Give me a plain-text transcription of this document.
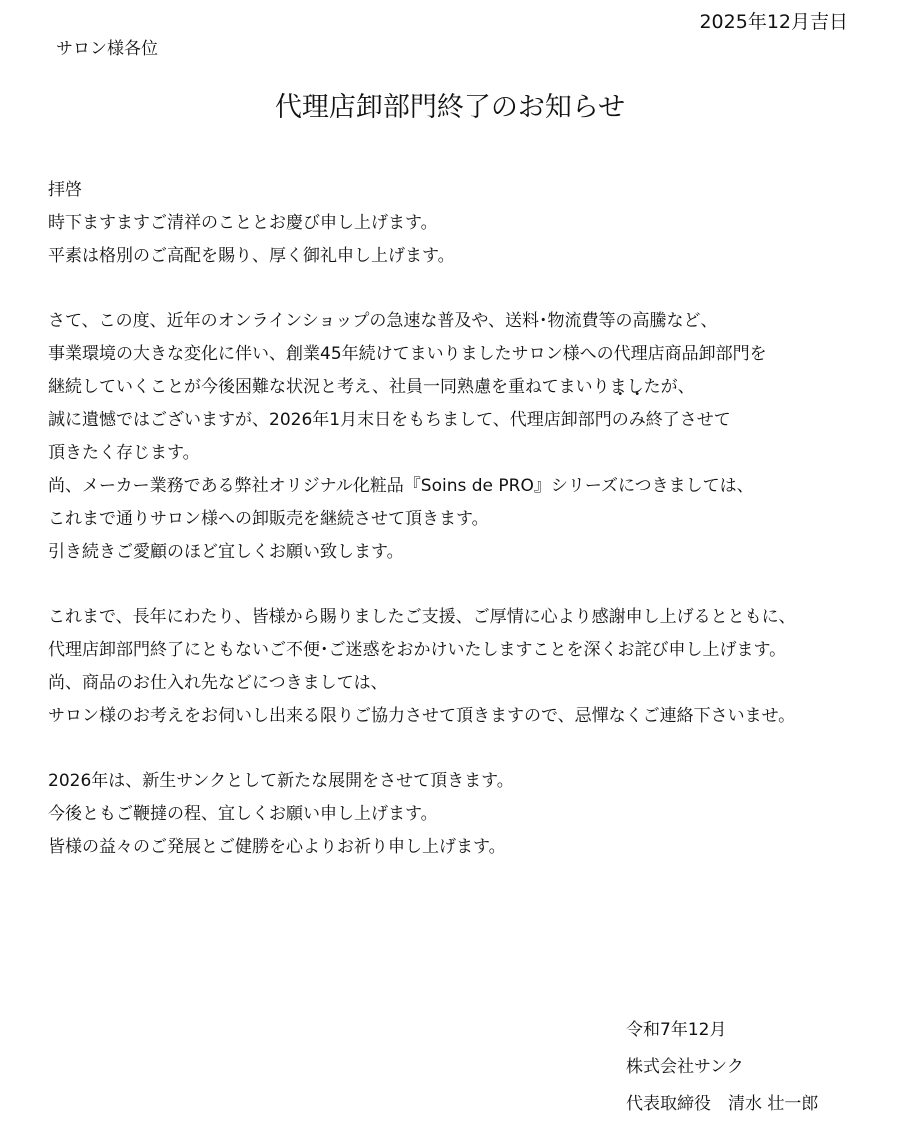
2025年12月吉日
サロン様各位
代理店卸部門終了のお知らせ
拝啓
時下ますますご清祥のこととお慶び申し上げます。
平素は格別のご高配を賜り、厚く御礼申し上げます。
さて、この度、近年のオンラインショップの急速な普及や、送料･物流費等の高騰など、
事業環境の大きな変化に伴い、創業45年続けてまいりましたサロン様への代理店商品卸部門を
継続していくことが今後困難な状況と考え、社員一同熟慮を重ねてまいりましたが、
誠に遺憾ではございますが、2026年1月末日をもちまして、代理店卸部門のみ終了させて
頂きたく存じます。
尚、メーカー業務である弊社オリジナル化粧品『Soins de PRO』シリーズにつきましては、
これまで通りサロン様への卸販売を継続させて頂きます。
引き続きご愛顧のほど宜しくお願い致します。
これまで、長年にわたり、皆様から賜りましたご支援、ご厚情に心より感謝申し上げるとともに、
代理店卸部門終了にともないご不便･ご迷惑をおかけいたしますことを深くお詫び申し上げます。
尚、商品のお仕入れ先などにつきましては、
サロン様のお考えをお伺いし出来る限りご協力させて頂きますので、忌憚なくご連絡下さいませ。
2026年は、新生サンクとして新たな展開をさせて頂きます。
今後ともご鞭撻の程、宜しくお願い申し上げます。
皆様の益々のご発展とご健勝を心よりお祈り申し上げます。
令和7年12月
株式会社サンク
代表取締役　清水 壮一郎
